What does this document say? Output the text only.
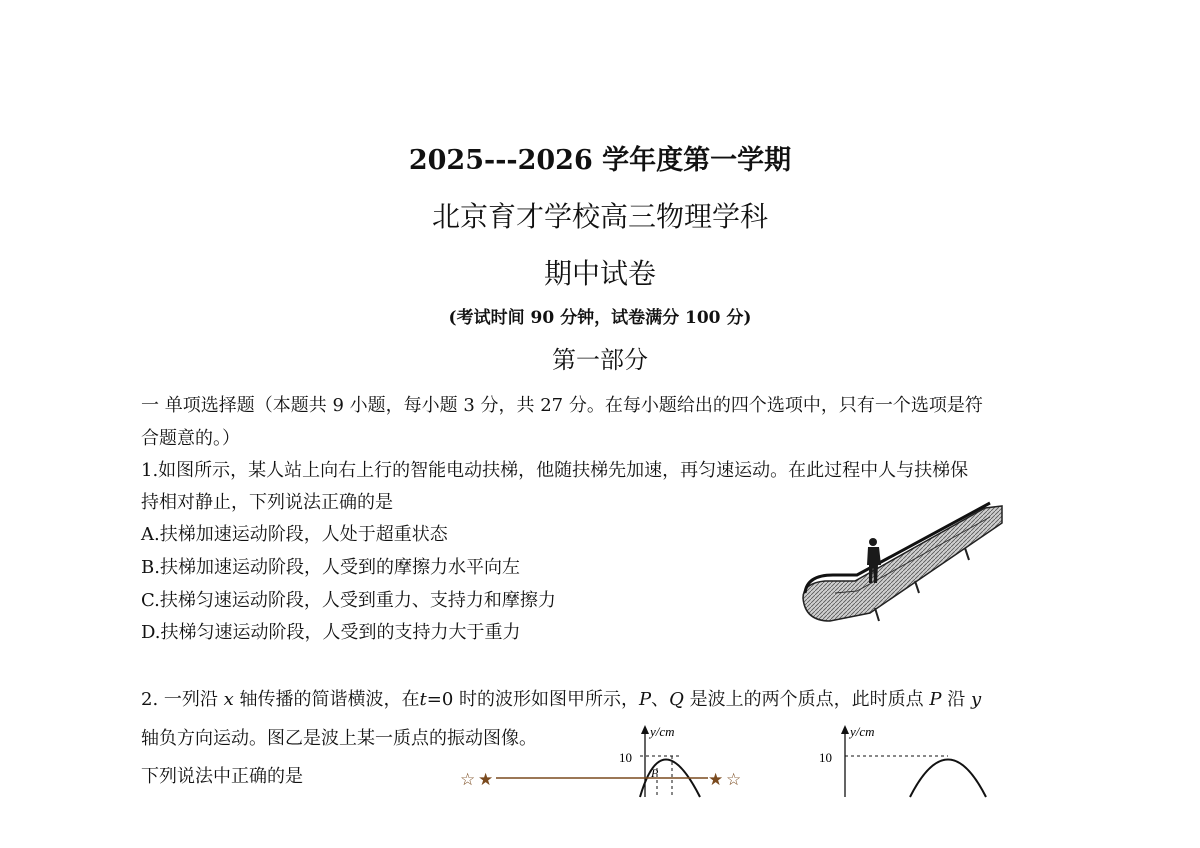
2025---2026 学年度第一学期
北京育才学校高三物理学科
期中试卷
(考试时间 90 分钟，试卷满分 100 分)
第一部分
一 单项选择题（本题共 9 小题，每小题 3 分，共 27 分。在每小题给出的四个选项中，只有一个选项是符
合题意的。）
1.如图所示，某人站上向右上行的智能电动扶梯，他随扶梯先加速，再匀速运动。在此过程中人与扶梯保
持相对静止，下列说法正确的是
A.扶梯加速运动阶段，人处于超重状态
B.扶梯加速运动阶段，人受到的摩擦力水平向左
C.扶梯匀速运动阶段，人受到重力、支持力和摩擦力
D.扶梯匀速运动阶段，人受到的支持力大于重力
2. 一列沿 x 轴传播的简谐横波，在t=0 时的波形如图甲所示，P、Q 是波上的两个质点，此时质点 P 沿 y
轴负方向运动。图乙是波上某一质点的振动图像。
下列说法中正确的是
y/cm
10
P
y/cm
10
☆ ★	★ ☆
